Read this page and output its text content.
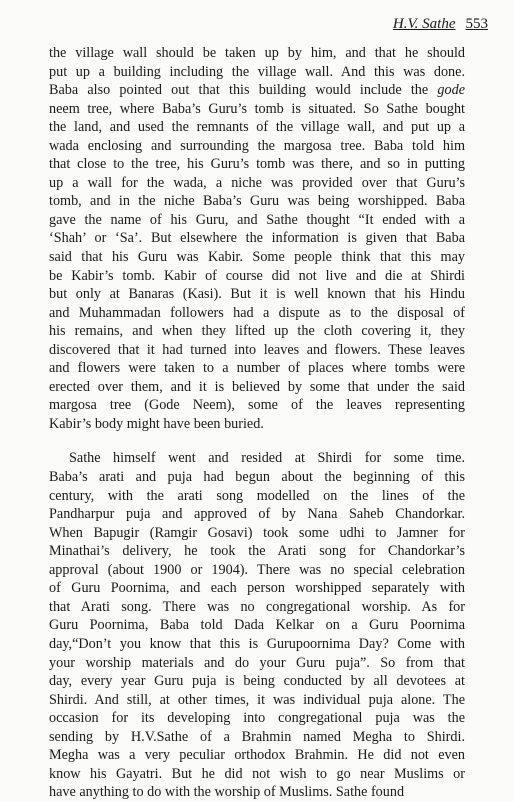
H.V. Sathe 553
the village wall should be taken up by him, and that he should
put up a building including the village wall. And this was done.
Baba also pointed out that this building would include the gode
neem tree, where Baba’s Guru’s tomb is situated. So Sathe bought
the land, and used the remnants of the village wall, and put up a
wada enclosing and surrounding the margosa tree. Baba told him
that close to the tree, his Guru’s tomb was there, and so in putting
up a wall for the wada, a niche was provided over that Guru’s
tomb, and in the niche Baba’s Guru was being worshipped. Baba
gave the name of his Guru, and Sathe thought “It ended with a
‘Shah’ or ‘Sa’. But elsewhere the information is given that Baba
said that his Guru was Kabir. Some people think that this may
be Kabir’s tomb. Kabir of course did not live and die at Shirdi
but only at Banaras (Kasi). But it is well known that his Hindu
and Muhammadan followers had a dispute as to the disposal of
his remains, and when they lifted up the cloth covering it, they
discovered that it had turned into leaves and flowers. These leaves
and flowers were taken to a number of places where tombs were
erected over them, and it is believed by some that under the said
margosa tree (Gode Neem), some of the leaves representing
Kabir’s body might have been buried.
Sathe himself went and resided at Shirdi for some time.
Baba’s arati and puja had begun about the beginning of this
century, with the arati song modelled on the lines of the
Pandharpur puja and approved of by Nana Saheb Chandorkar.
When Bapugir (Ramgir Gosavi) took some udhi to Jamner for
Minathai’s delivery, he took the Arati song for Chandorkar’s
approval (about 1900 or 1904). There was no special celebration
of Guru Poornima, and each person worshipped separately with
that Arati song. There was no congregational worship. As for
Guru Poornima, Baba told Dada Kelkar on a Guru Poornima
day,“Don’t you know that this is Gurupoornima Day? Come with
your worship materials and do your Guru puja”. So from that
day, every year Guru puja is being conducted by all devotees at
Shirdi. And still, at other times, it was individual puja alone. The
occasion for its developing into congregational puja was the
sending by H.V.Sathe of a Brahmin named Megha to Shirdi.
Megha was a very peculiar orthodox Brahmin. He did not even
know his Gayatri. But he did not wish to go near Muslims or
have anything to do with the worship of Muslims. Sathe found
